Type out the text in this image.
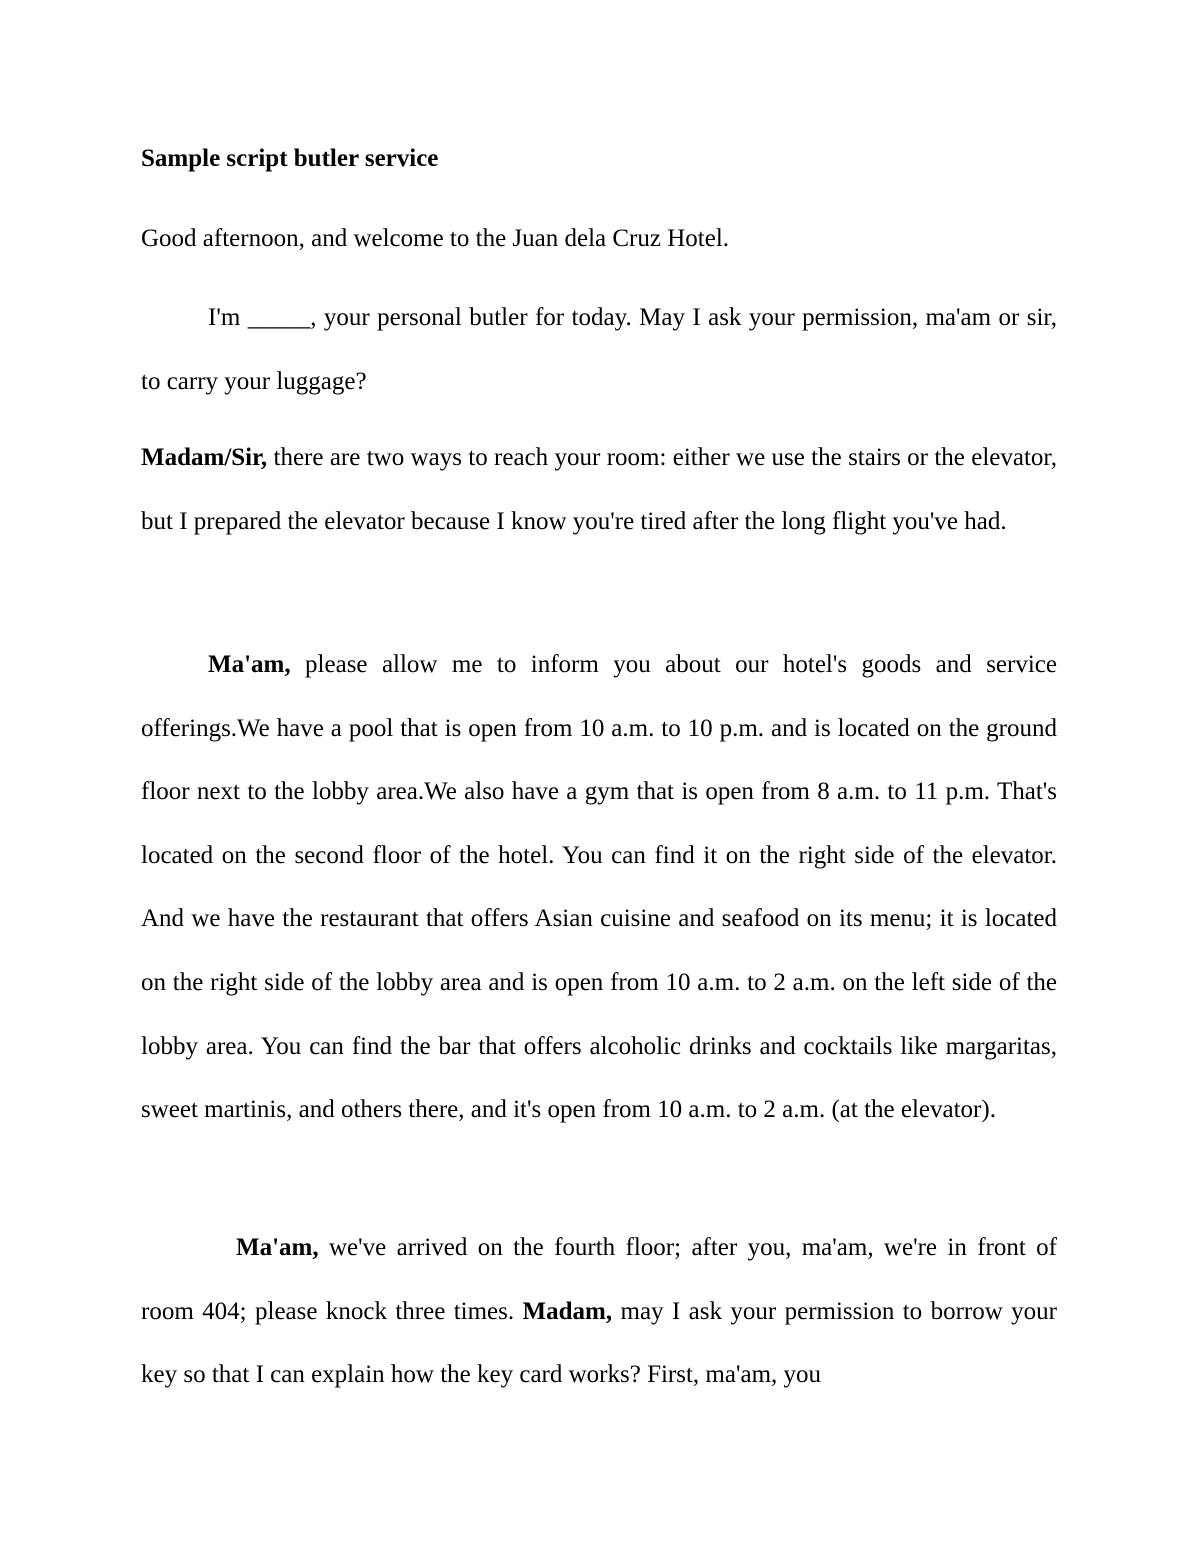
Sample script butler service
Good afternoon, and welcome to the Juan dela Cruz Hotel.
I'm _____, your personal butler for today. May I ask your permission, ma'am or sir, to carry your luggage?
Madam/Sir, there are two ways to reach your room: either we use the stairs or the elevator, but I prepared the elevator because I know you're tired after the long flight you've had.
Ma'am, please allow me to inform you about our hotel's goods and service offerings.We have a pool that is open from 10 a.m. to 10 p.m. and is located on the ground floor next to the lobby area.We also have a gym that is open from 8 a.m. to 11 p.m. That's located on the second floor of the hotel. You can find it on the right side of the elevator. And we have the restaurant that offers Asian cuisine and seafood on its menu; it is located on the right side of the lobby area and is open from 10 a.m. to 2 a.m. on the left side of the lobby area. You can find the bar that offers alcoholic drinks and cocktails like margaritas, sweet martinis, and others there, and it's open from 10 a.m. to 2 a.m. (at the elevator).
Ma'am, we've arrived on the fourth floor; after you, ma'am, we're in front of room 404; please knock three times. Madam, may I ask your permission to borrow your key so that I can explain how the key card works? First, ma'am, you
